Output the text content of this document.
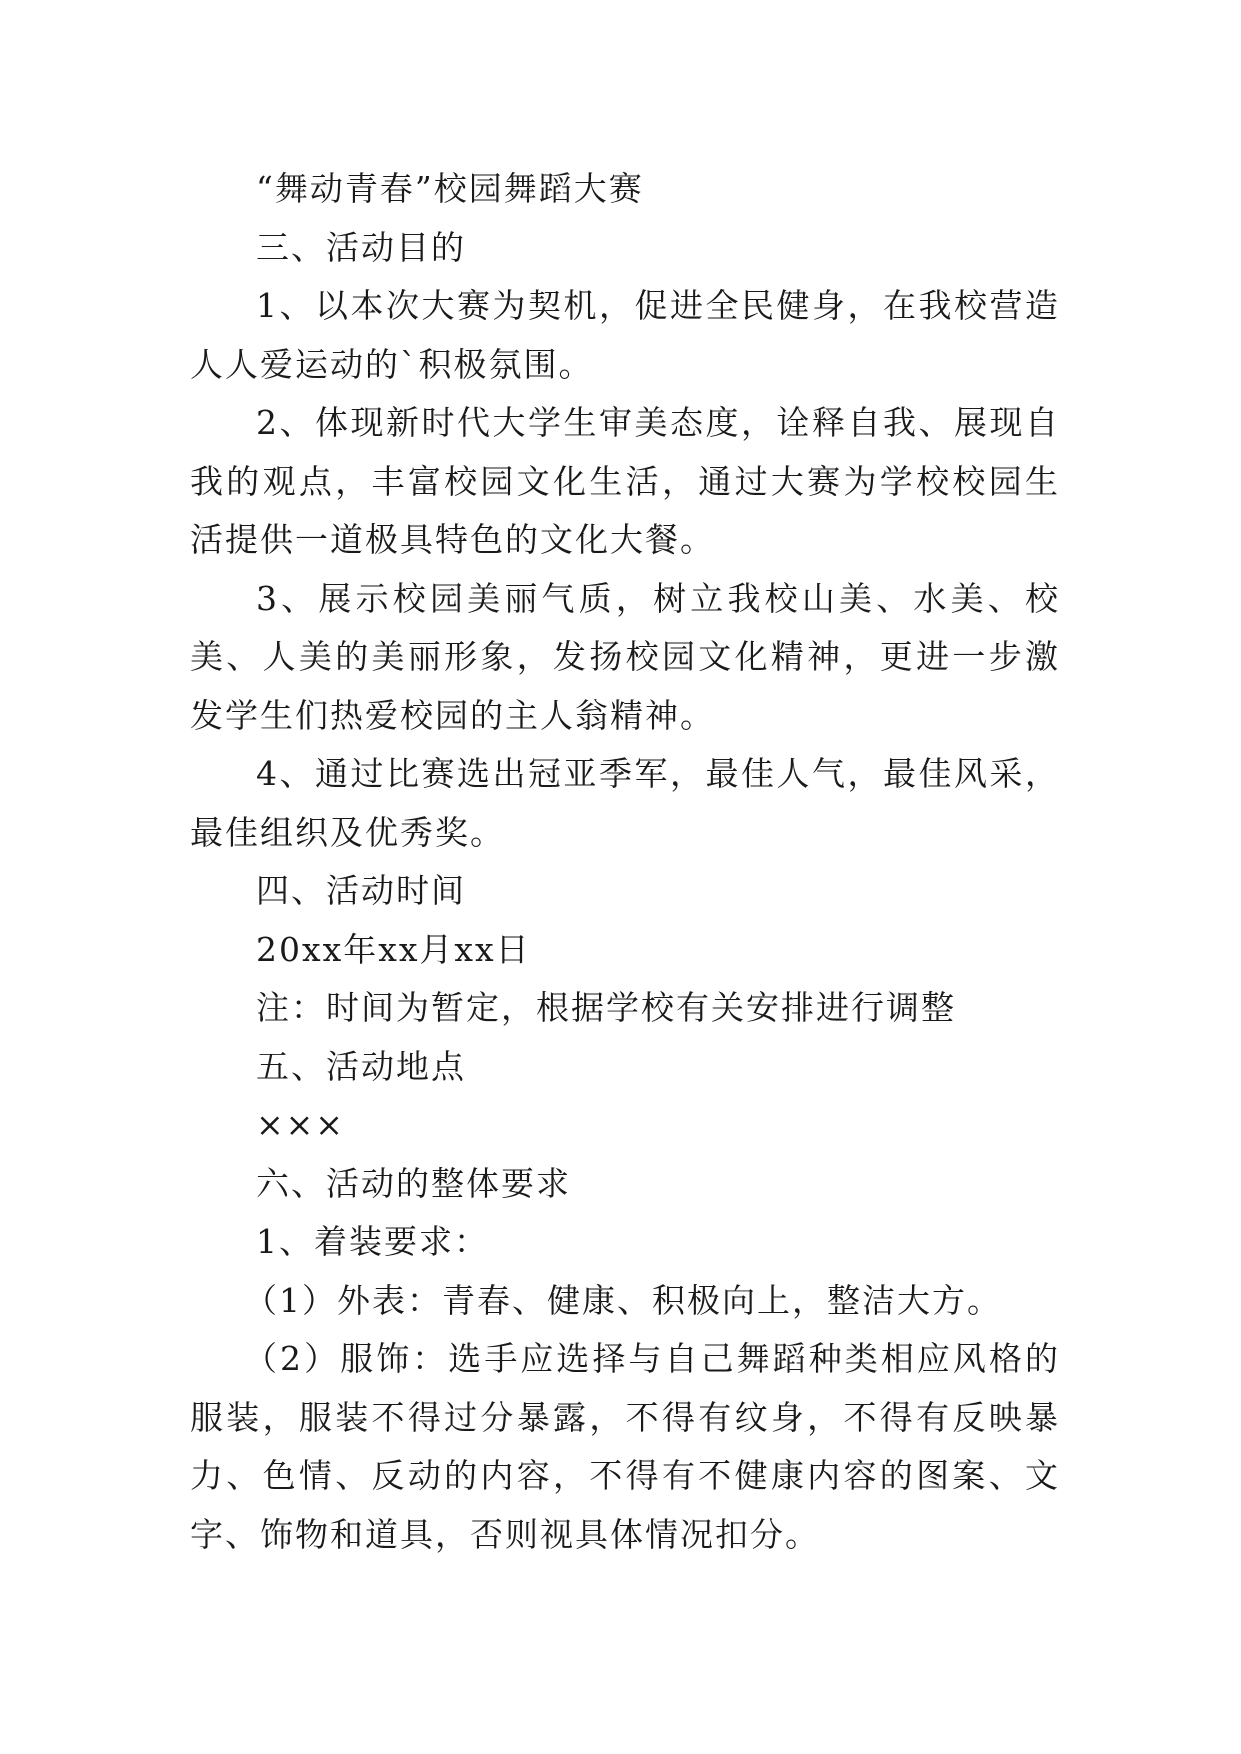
“舞动青春”校园舞蹈大赛

三、活动目的

1、以本次大赛为契机，促进全民健身，在我校营造人人爱运动的`积极氛围。

2、体现新时代大学生审美态度，诠释自我、展现自我的观点，丰富校园文化生活，通过大赛为学校校园生活提供一道极具特色的文化大餐。

3、展示校园美丽气质，树立我校山美、水美、校美、人美的美丽形象，发扬校园文化精神，更进一步激发学生们热爱校园的主人翁精神。

4、通过比赛选出冠亚季军，最佳人气，最佳风采，最佳组织及优秀奖。

四、活动时间

20xx年xx月xx日

注：时间为暂定，根据学校有关安排进行调整

五、活动地点

×××

六、活动的整体要求

1、着装要求：

（1）外表：青春、健康、积极向上，整洁大方。

（2）服饰：选手应选择与自己舞蹈种类相应风格的服装，服装不得过分暴露，不得有纹身，不得有反映暴力、色情、反动的内容，不得有不健康内容的图案、文字、饰物和道具，否则视具体情况扣分。
